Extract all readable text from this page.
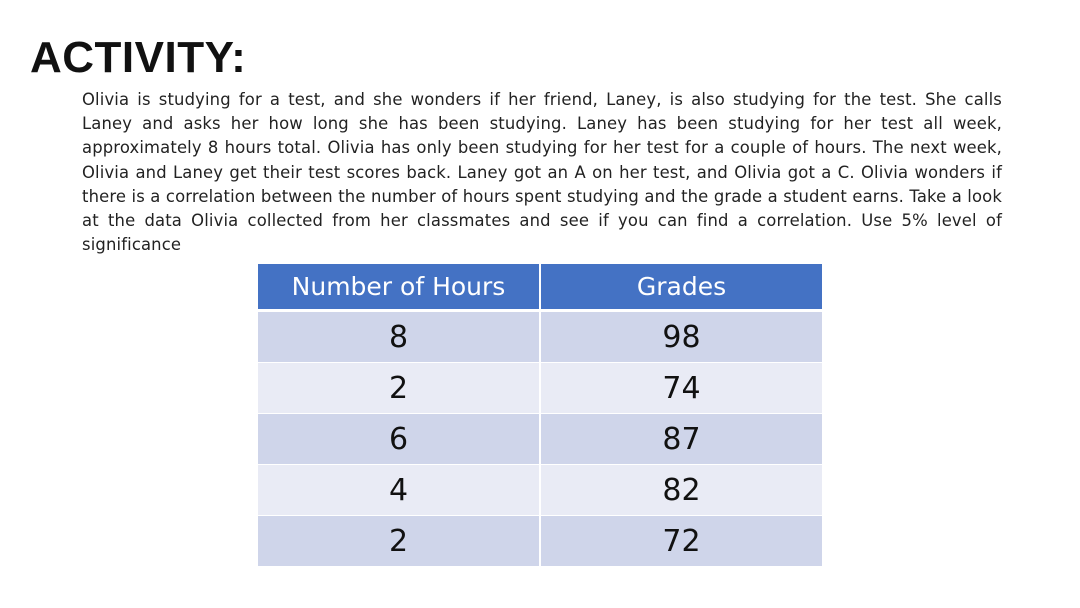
ACTIVITY:

Olivia is studying for a test, and she wonders if her friend, Laney, is also studying for the test. She calls Laney and asks her how long she has been studying. Laney has been studying for her test all week, approximately 8 hours total. Olivia has only been studying for her test for a couple of hours. The next week, Olivia and Laney get their test scores back. Laney got an A on her test, and Olivia got a C. Olivia wonders if there is a correlation between the number of hours spent studying and the grade a student earns. Take a look at the data Olivia collected from her classmates and see if you can find a correlation. Use 5% level of significance

Number of Hours	Grades
8	98
2	74
6	87
4	82
2	72
